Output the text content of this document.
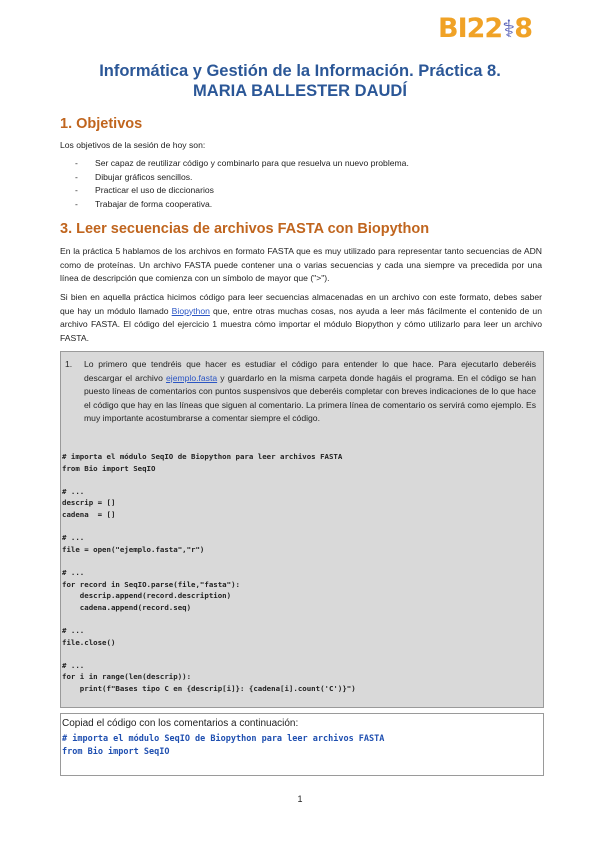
BI22⚕8
Informática y Gestión de la Información. Práctica 8.
MARIA BALLESTER DAUDÍ
1. Objetivos
Los objetivos de la sesión de hoy son:
- Ser capaz de reutilizar código y combinarlo para que resuelva un nuevo problema.
- Dibujar gráficos sencillos.
- Practicar el uso de diccionarios
- Trabajar de forma cooperativa.
3. Leer secuencias de archivos FASTA con Biopython
En la práctica 5 hablamos de los archivos en formato FASTA que es muy utilizado para representar tanto secuencias de ADN como de proteínas. Un archivo FASTA puede contener una o varias secuencias y cada una siempre va precedida por una línea de descripción que comienza con un símbolo de mayor que (">").
Si bien en aquella práctica hicimos código para leer secuencias almacenadas en un archivo con este formato, debes saber que hay un módulo llamado Biopython que, entre otras muchas cosas, nos ayuda a leer más fácilmente el contenido de un archivo FASTA. El código del ejercicio 1 muestra cómo importar el módulo Biopython y cómo utilizarlo para leer un archivo FASTA.
1. Lo primero que tendréis que hacer es estudiar el código para entender lo que hace. Para ejecutarlo deberéis descargar el archivo ejemplo.fasta y guardarlo en la misma carpeta donde hagáis el programa. En el código se han puesto líneas de comentarios con puntos suspensivos que deberéis completar con breves indicaciones de lo que hace el código que hay en las líneas que siguen al comentario. La primera línea de comentario os servirá como ejemplo. Es muy importante acostumbrarse a comentar siempre el código.
# importa el módulo SeqIO de Biopython para leer archivos FASTA
from Bio import SeqIO

# ...
descrip = []
cadena  = []

# ...
file = open("ejemplo.fasta","r")

# ...
for record in SeqIO.parse(file,"fasta"):
descrip.append(record.description)
cadena.append(record.seq)

# ...
file.close()

# ...
for i in range(len(descrip)):
print(f"Bases tipo C en {descrip[i]}: {cadena[i].count('C')}")
Copiad el código con los comentarios a continuación:
# importa el módulo SeqIO de Biopython para leer archivos FASTA
from Bio import SeqIO
1
